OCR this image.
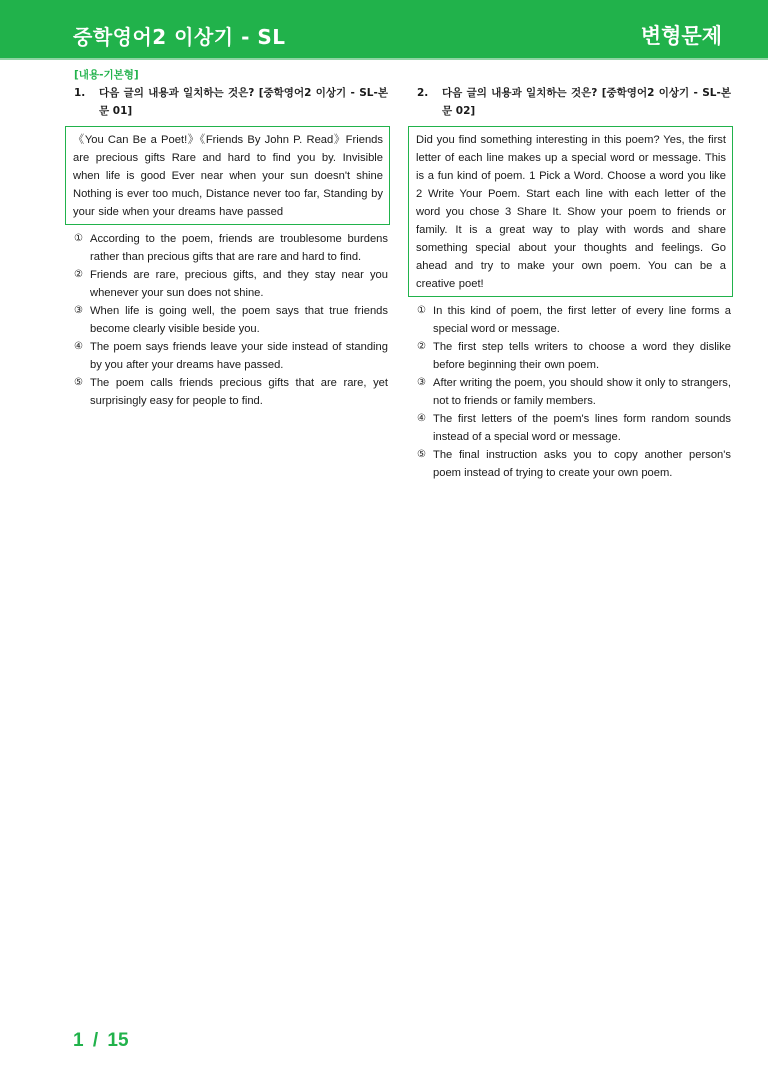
중학영어2 이상기 - SL	변형문제
[내용-기본형]
1.	다음 글의 내용과 일치하는 것은? [중학영어2 이상기 - SL-본문 01]
《You Can Be a Poet!》《Friends By John P. Read》Friends are precious gifts Rare and hard to find you by. Invisible when life is good Ever near when your sun doesn't shine Nothing is ever too much, Distance never too far, Standing by your side when your dreams have passed
① According to the poem, friends are troublesome burdens rather than precious gifts that are rare and hard to find.
② Friends are rare, precious gifts, and they stay near you whenever your sun does not shine.
③ When life is going well, the poem says that true friends become clearly visible beside you.
④ The poem says friends leave your side instead of standing by you after your dreams have passed.
⑤ The poem calls friends precious gifts that are rare, yet surprisingly easy for people to find.
2.	다음 글의 내용과 일치하는 것은? [중학영어2 이상기 - SL-본문 02]
Did you find something interesting in this poem? Yes, the first letter of each line makes up a special word or message. This is a fun kind of poem. 1 Pick a Word. Choose a word you like 2 Write Your Poem. Start each line with each letter of the word you chose 3 Share It. Show your poem to friends or family. It is a great way to play with words and share something special about your thoughts and feelings. Go ahead and try to make your own poem. You can be a creative poet!
① In this kind of poem, the first letter of every line forms a special word or message.
② The first step tells writers to choose a word they dislike before beginning their own poem.
③ After writing the poem, you should show it only to strangers, not to friends or family members.
④ The first letters of the poem's lines form random sounds instead of a special word or message.
⑤ The final instruction asks you to copy another person's poem instead of trying to create your own poem.
1 / 15
